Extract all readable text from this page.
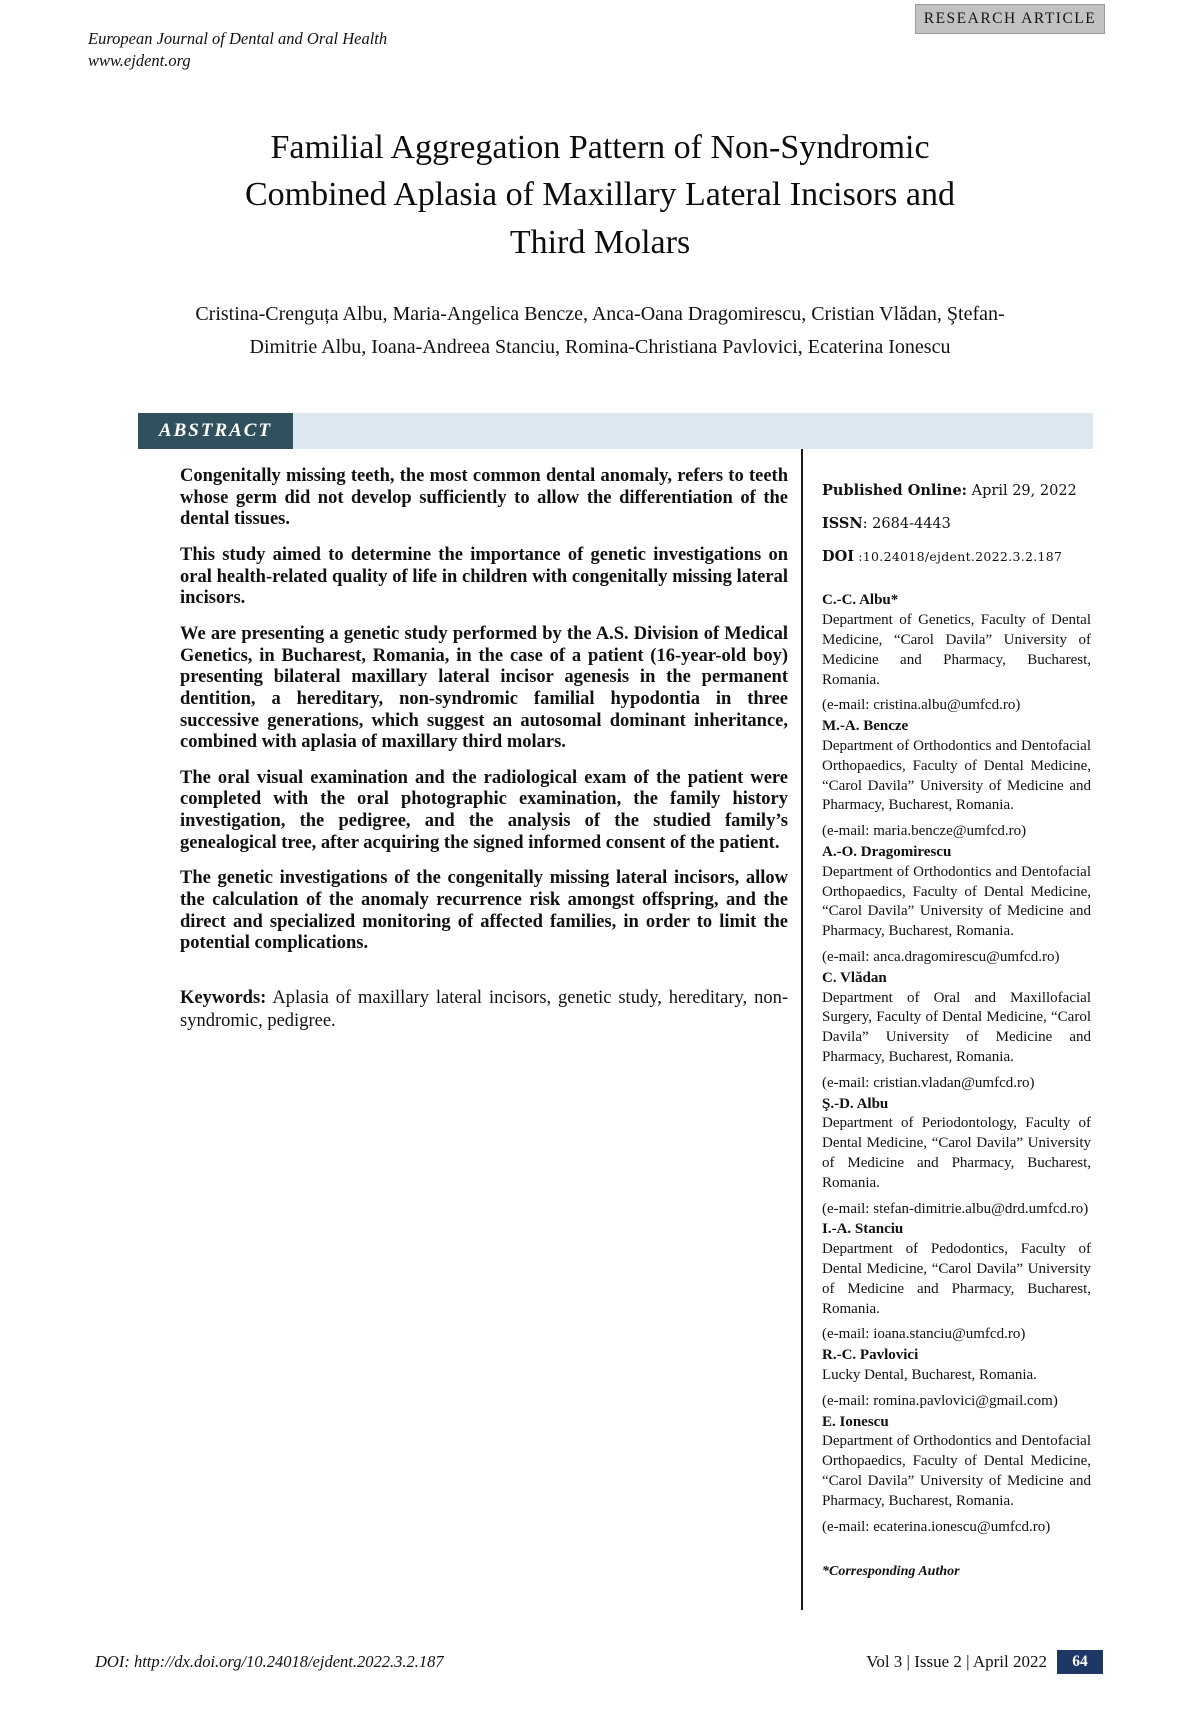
RESEARCH ARTICLE
European Journal of Dental and Oral Health
www.ejdent.org
Familial Aggregation Pattern of Non-Syndromic
Combined Aplasia of Maxillary Lateral Incisors and
Third Molars
Cristina-Crenguța Albu, Maria-Angelica Bencze, Anca-Oana Dragomirescu, Cristian Vlădan, Ştefan-
Dimitrie Albu, Ioana-Andreea Stanciu, Romina-Christiana Pavlovici, Ecaterina Ionescu
ABSTRACT

Congenitally missing teeth, the most common dental anomaly, refers to teeth whose germ did not develop sufficiently to allow the differentiation of the dental tissues.

This study aimed to determine the importance of genetic investigations on oral health-related quality of life in children with congenitally missing lateral incisors.

We are presenting a genetic study performed by the A.S. Division of Medical Genetics, in Bucharest, Romania, in the case of a patient (16-year-old boy) presenting bilateral maxillary lateral incisor agenesis in the permanent dentition, a hereditary, non-syndromic familial hypodontia in three successive generations, which suggest an autosomal dominant inheritance, combined with aplasia of maxillary third molars.

The oral visual examination and the radiological exam of the patient were completed with the oral photographic examination, the family history investigation, the pedigree, and the analysis of the studied family’s genealogical tree, after acquiring the signed informed consent of the patient.

The genetic investigations of the congenitally missing lateral incisors, allow the calculation of the anomaly recurrence risk amongst offspring, and the direct and specialized monitoring of affected families, in order to limit the potential complications.

Keywords: Aplasia of maxillary lateral incisors, genetic study, hereditary, non-syndromic, pedigree.

Published Online: April 29, 2022
ISSN: 2684-4443
DOI :10.24018/ejdent.2022.3.2.187
C.-C. Albu*
Department of Genetics, Faculty of Dental Medicine, “Carol Davila” University of Medicine and Pharmacy, Bucharest, Romania.
(e-mail: cristina.albu@umfcd.ro)
M.-A. Bencze
Department of Orthodontics and Dentofacial Orthopaedics, Faculty of Dental Medicine, “Carol Davila” University of Medicine and Pharmacy, Bucharest, Romania.
(e-mail: maria.bencze@umfcd.ro)
A.-O. Dragomirescu
Department of Orthodontics and Dentofacial Orthopaedics, Faculty of Dental Medicine, “Carol Davila” University of Medicine and Pharmacy, Bucharest, Romania.
(e-mail: anca.dragomirescu@umfcd.ro)
C. Vlădan
Department of Oral and Maxillofacial Surgery, Faculty of Dental Medicine, “Carol Davila” University of Medicine and Pharmacy, Bucharest, Romania.
(e-mail: cristian.vladan@umfcd.ro)
Ş.-D. Albu
Department of Periodontology, Faculty of Dental Medicine, “Carol Davila” University of Medicine and Pharmacy, Bucharest, Romania.
(e-mail: stefan-dimitrie.albu@drd.umfcd.ro)
I.-A. Stanciu
Department of Pedodontics, Faculty of Dental Medicine, “Carol Davila” University of Medicine and Pharmacy, Bucharest, Romania.
(e-mail: ioana.stanciu@umfcd.ro)
R.-C. Pavlovici
Lucky Dental, Bucharest, Romania.
(e-mail: romina.pavlovici@gmail.com)
E. Ionescu
Department of Orthodontics and Dentofacial Orthopaedics, Faculty of Dental Medicine, “Carol Davila” University of Medicine and Pharmacy, Bucharest, Romania.
(e-mail: ecaterina.ionescu@umfcd.ro)
*Corresponding Author
DOI: http://dx.doi.org/10.24018/ejdent.2022.3.2.187	Vol 3 | Issue 2 | April 2022	64
